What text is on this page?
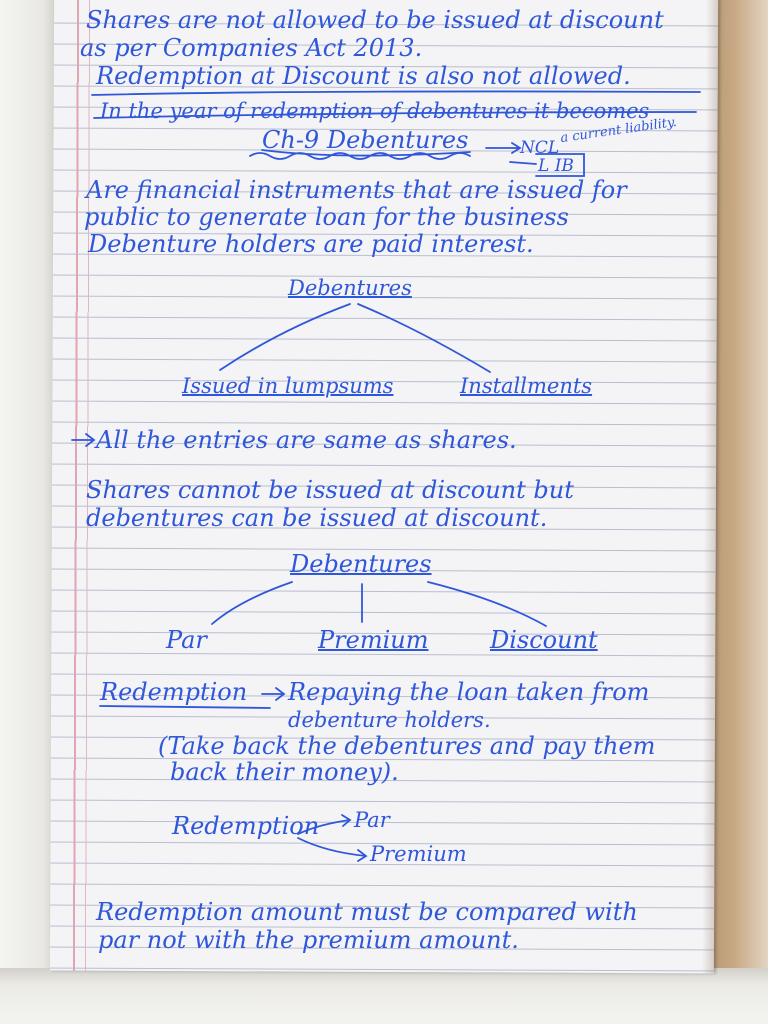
Shares are not allowed to be issued at discount

as per Companies Act 2013.

Redemption at Discount is also not allowed.

In the year of redemption of debentures it becomes

a current liability.

Ch-9 Debentures	NCL

L IB

Are financial instruments that are issued for

public to generate loan for the business

Debenture holders are paid interest.

Debentures

Issued in lumpsums	Installments

All the entries are same as shares.

Shares cannot be issued at discount but

debentures can be issued at discount.

Debentures

Par	Premium	Discount

Redemption Repaying the loan taken from

debenture holders.

(Take back the debentures and pay them

back their money).

Redemption Par

Premium

Redemption amount must be compared with

par not with the premium amount.
